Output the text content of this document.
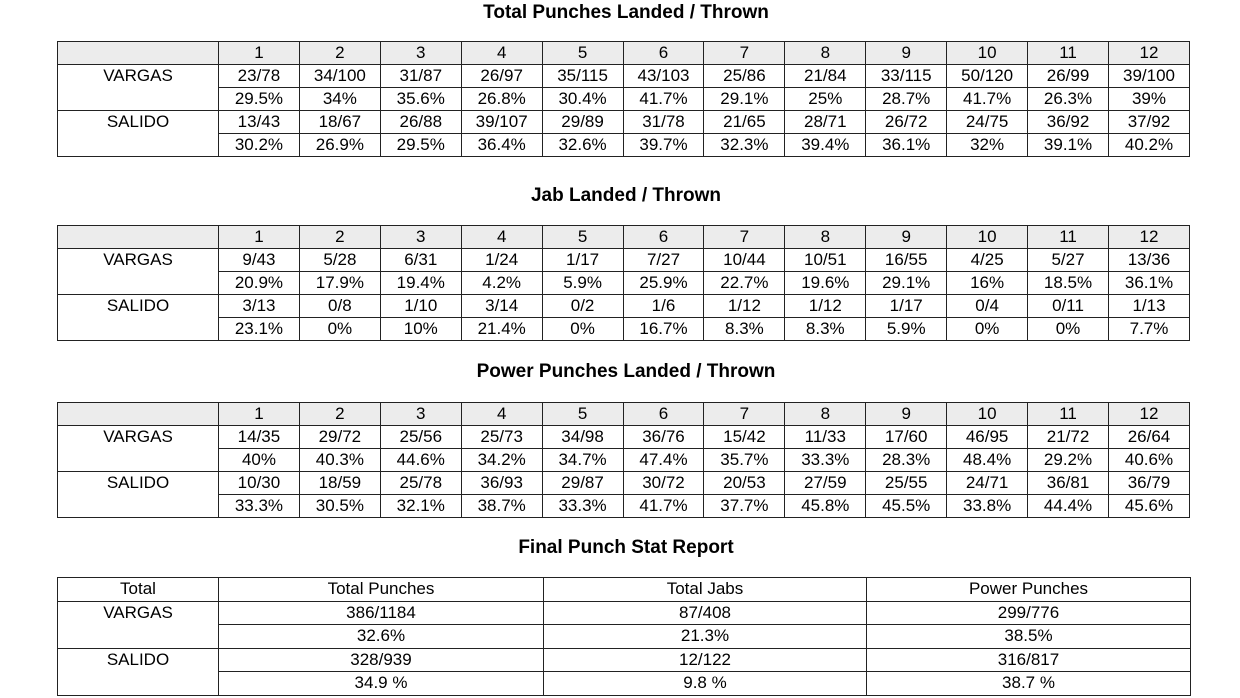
Total Punches Landed / Thrown
	1	2	3	4	5	6	7	8	9	10	11	12
VARGAS	23/78	34/100	31/87	26/97	35/115	43/103	25/86	21/84	33/115	50/120	26/99	39/100
	29.5%	34%	35.6%	26.8%	30.4%	41.7%	29.1%	25%	28.7%	41.7%	26.3%	39%
SALIDO	13/43	18/67	26/88	39/107	29/89	31/78	21/65	28/71	26/72	24/75	36/92	37/92
	30.2%	26.9%	29.5%	36.4%	32.6%	39.7%	32.3%	39.4%	36.1%	32%	39.1%	40.2%
Jab Landed / Thrown
	1	2	3	4	5	6	7	8	9	10	11	12
VARGAS	9/43	5/28	6/31	1/24	1/17	7/27	10/44	10/51	16/55	4/25	5/27	13/36
	20.9%	17.9%	19.4%	4.2%	5.9%	25.9%	22.7%	19.6%	29.1%	16%	18.5%	36.1%
SALIDO	3/13	0/8	1/10	3/14	0/2	1/6	1/12	1/12	1/17	0/4	0/11	1/13
	23.1%	0%	10%	21.4%	0%	16.7%	8.3%	8.3%	5.9%	0%	0%	7.7%
Power Punches Landed / Thrown
	1	2	3	4	5	6	7	8	9	10	11	12
VARGAS	14/35	29/72	25/56	25/73	34/98	36/76	15/42	11/33	17/60	46/95	21/72	26/64
	40%	40.3%	44.6%	34.2%	34.7%	47.4%	35.7%	33.3%	28.3%	48.4%	29.2%	40.6%
SALIDO	10/30	18/59	25/78	36/93	29/87	30/72	20/53	27/59	25/55	24/71	36/81	36/79
	33.3%	30.5%	32.1%	38.7%	33.3%	41.7%	37.7%	45.8%	45.5%	33.8%	44.4%	45.6%
Final Punch Stat Report
Total	Total Punches	Total Jabs	Power Punches
VARGAS	386/1184	87/408	299/776
	32.6%	21.3%	38.5%
SALIDO	328/939	12/122	316/817
	34.9 %	9.8 %	38.7 %
